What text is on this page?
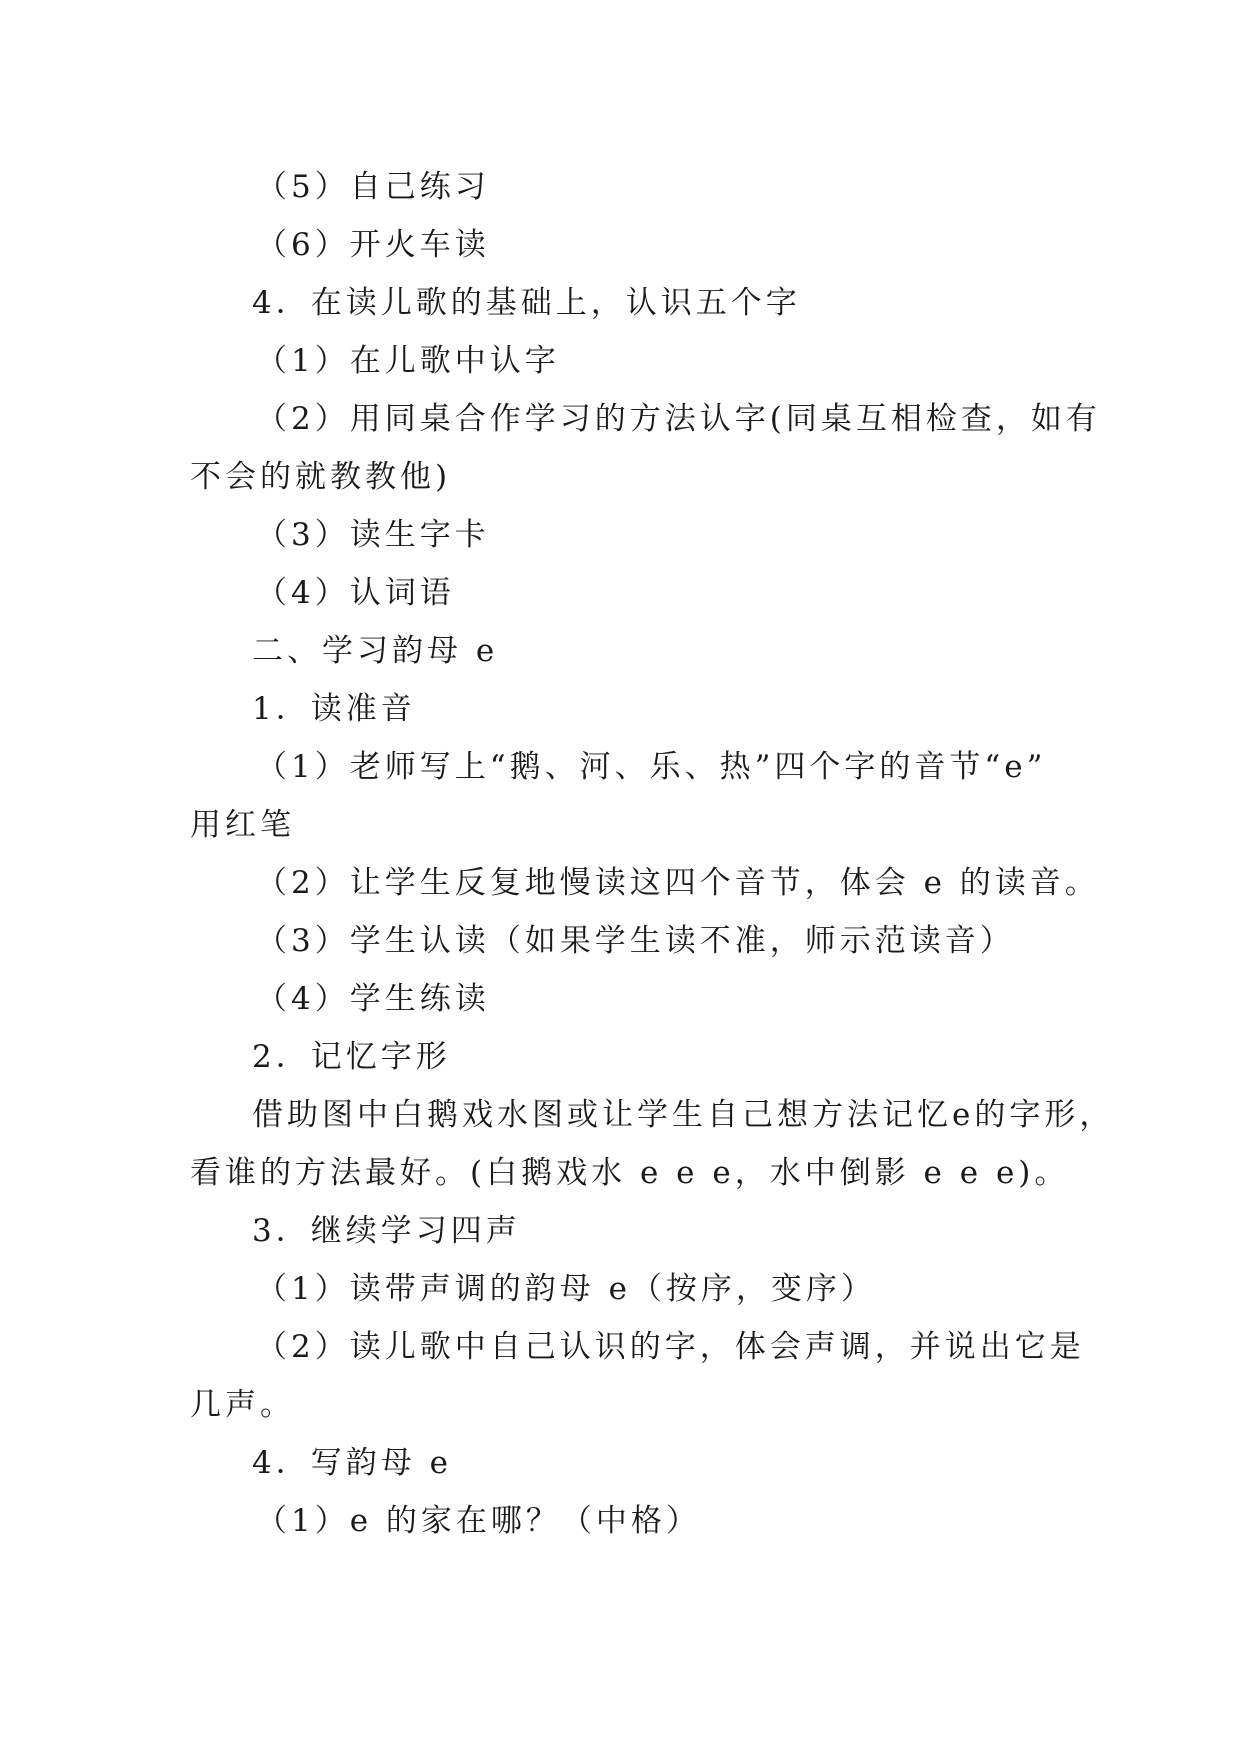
（5）自己练习
（6）开火车读
4．在读儿歌的基础上，认识五个字
（1）在儿歌中认字
（2）用同桌合作学习的方法认字(同桌互相检查，如有
不会的就教教他)
（3）读生字卡
（4）认词语
二、学习韵母 e
1．读准音
（1）老师写上“鹅、河、乐、热”四个字的音节“e”
用红笔
（2）让学生反复地慢读这四个音节，体会 e 的读音。
（3）学生认读（如果学生读不准，师示范读音）
（4）学生练读
2．记忆字形
借助图中白鹅戏水图或让学生自己想方法记忆e的字形，
看谁的方法最好。(白鹅戏水 e e e，水中倒影 e e e)。
3．继续学习四声
（1）读带声调的韵母 e（按序，变序）
（2）读儿歌中自己认识的字，体会声调，并说出它是
几声。
4．写韵母 e
（1）e 的家在哪？（中格）
